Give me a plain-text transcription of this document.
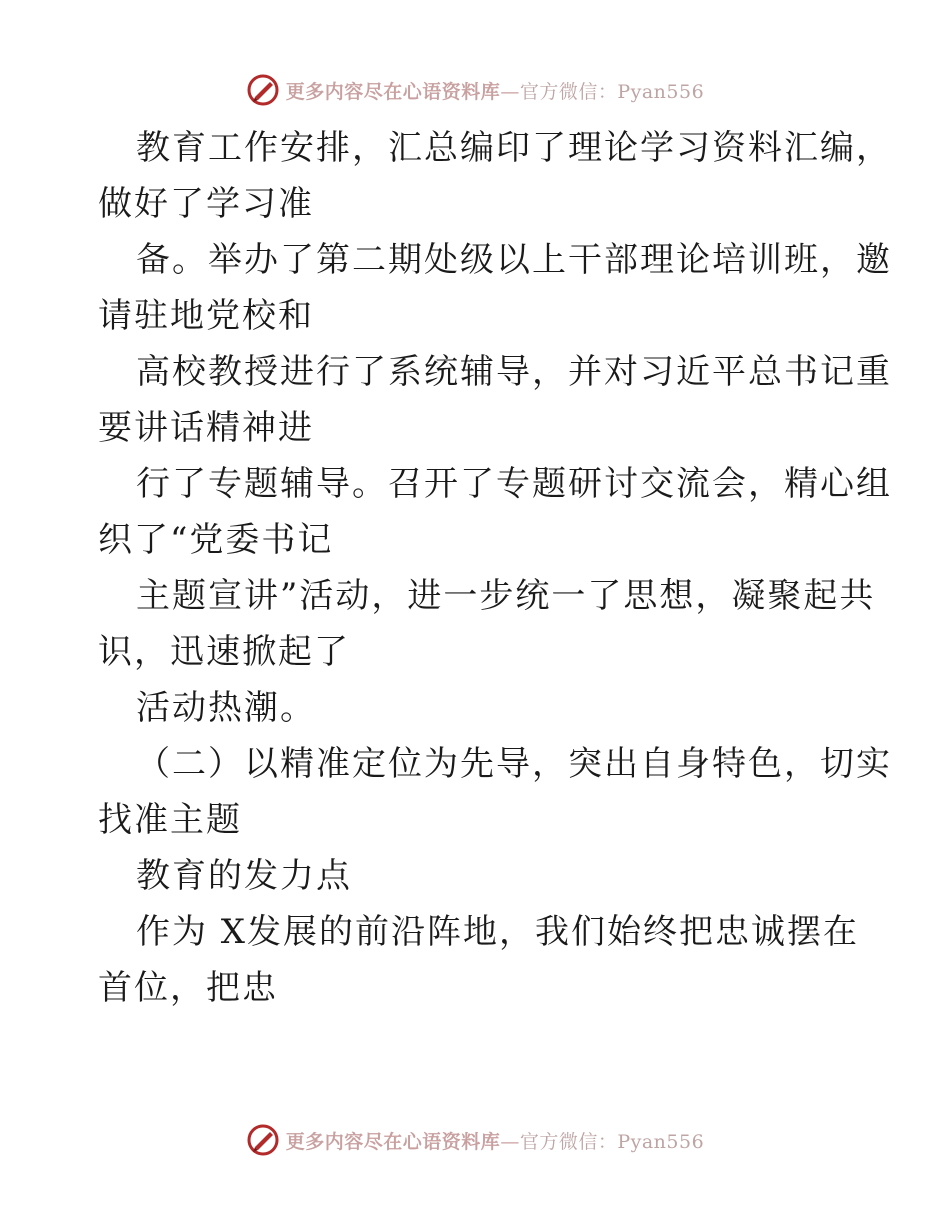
更多内容尽在心语资料库—官方微信：Pyan556
教育工作安排，汇总编印了理论学习资料汇编，
做好了学习准
备。举办了第二期处级以上干部理论培训班，邀
请驻地党校和
高校教授进行了系统辅导，并对习近平总书记重
要讲话精神进
行了专题辅导。召开了专题研讨交流会，精心组
织了“党委书记
主题宣讲”活动，进一步统一了思想，凝聚起共
识，迅速掀起了
活动热潮。
（二）以精准定位为先导，突出自身特色，切实
找准主题
教育的发力点
作为 X发展的前沿阵地，我们始终把忠诚摆在
首位，把忠
更多内容尽在心语资料库—官方微信：Pyan556
